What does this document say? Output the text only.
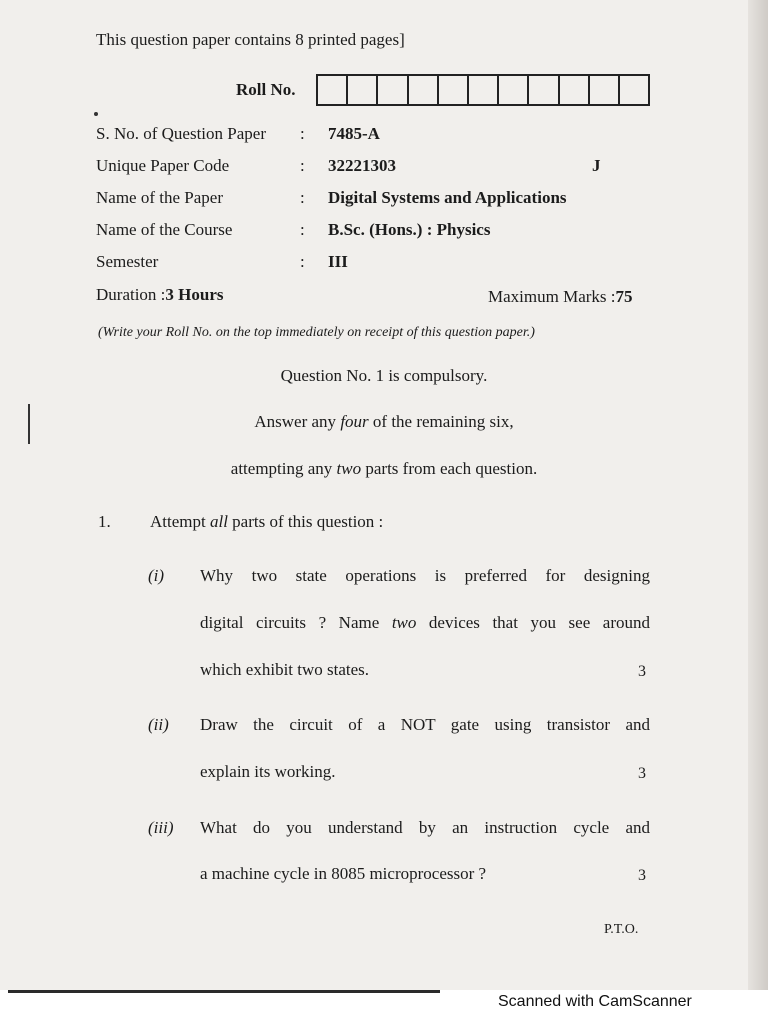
This question paper contains 8 printed pages]
Roll No.
S. No. of Question Paper : 7485-A
Unique Paper Code	: 32221303	J
Name of the Paper	: Digital Systems and Applications
Name of the Course	: B.Sc. (Hons.) : Physics
Semester	: III
Duration :3 Hours	Maximum Marks :75
(Write your Roll No. on the top immediately on receipt of this question paper.)
Question No. 1 is compulsory.
Answer any four of the remaining six,
attempting any two parts from each question.
1. Attempt all parts of this question :
(i) Why two state operations is preferred for designing
digital circuits ? Name two devices that you see around
which exhibit two states.	3
(ii) Draw the circuit of a NOT gate using transistor and
explain its working.	3
(iii) What do you understand by an instruction cycle and
a machine cycle in 8085 microprocessor ?	3
P.T.O.
Scanned with CamScanner
